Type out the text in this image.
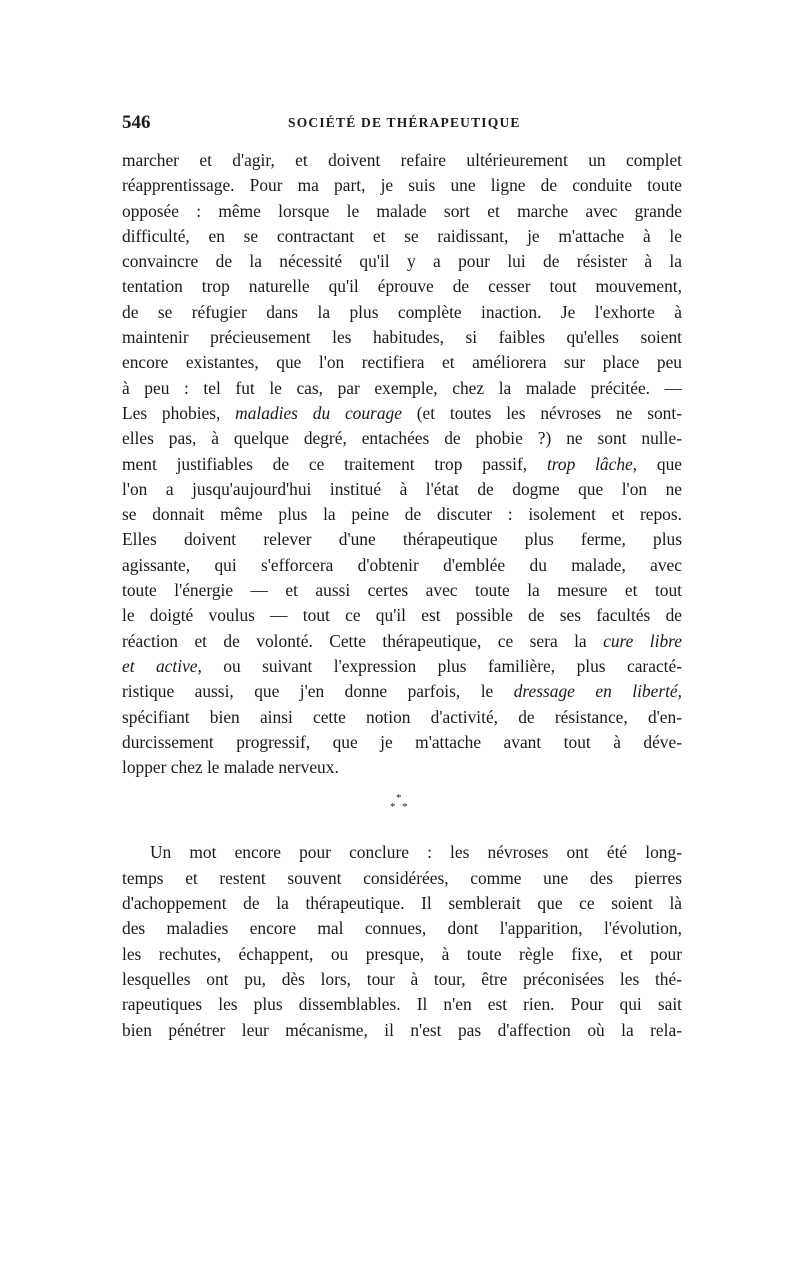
546	SOCIÉTÉ DE THÉRAPEUTIQUE
marcher et d'agir, et doivent refaire ultérieurement un complet
réapprentissage. Pour ma part, je suis une ligne de conduite toute
opposée : même lorsque le malade sort et marche avec grande
difficulté, en se contractant et se raidissant, je m'attache à le
convaincre de la nécessité qu'il y a pour lui de résister à la
tentation trop naturelle qu'il éprouve de cesser tout mouvement,
de se réfugier dans la plus complète inaction. Je l'exhorte à
maintenir précieusement les habitudes, si faibles qu'elles soient
encore existantes, que l'on rectifiera et améliorera sur place peu
à peu : tel fut le cas, par exemple, chez la malade précitée. —
Les phobies, maladies du courage (et toutes les névroses ne sont-
elles pas, à quelque degré, entachées de phobie ?) ne sont nulle-
ment justifiables de ce traitement trop passif, trop lâche, que
l'on a jusqu'aujourd'hui institué à l'état de dogme que l'on ne
se donnait même plus la peine de discuter : isolement et repos.
Elles doivent relever d'une thérapeutique plus ferme, plus
agissante, qui s'efforcera d'obtenir d'emblée du malade, avec
toute l'énergie — et aussi certes avec toute la mesure et tout
le doigté voulus — tout ce qu'il est possible de ses facultés de
réaction et de volonté. Cette thérapeutique, ce sera la cure libre
et active, ou suivant l'expression plus familière, plus caracté-
ristique aussi, que j'en donne parfois, le dressage en liberté,
spécifiant bien ainsi cette notion d'activité, de résistance, d'en-
durcissement progressif, que je m'attache avant tout à déve-
lopper chez le malade nerveux.
*
* *
Un mot encore pour conclure : les névroses ont été long-
temps et restent souvent considérées, comme une des pierres
d'achoppement de la thérapeutique. Il semblerait que ce soient là
des maladies encore mal connues, dont l'apparition, l'évolution,
les rechutes, échappent, ou presque, à toute règle fixe, et pour
lesquelles ont pu, dès lors, tour à tour, être préconisées les thé-
rapeutiques les plus dissemblables. Il n'en est rien. Pour qui sait
bien pénétrer leur mécanisme, il n'est pas d'affection où la rela-
